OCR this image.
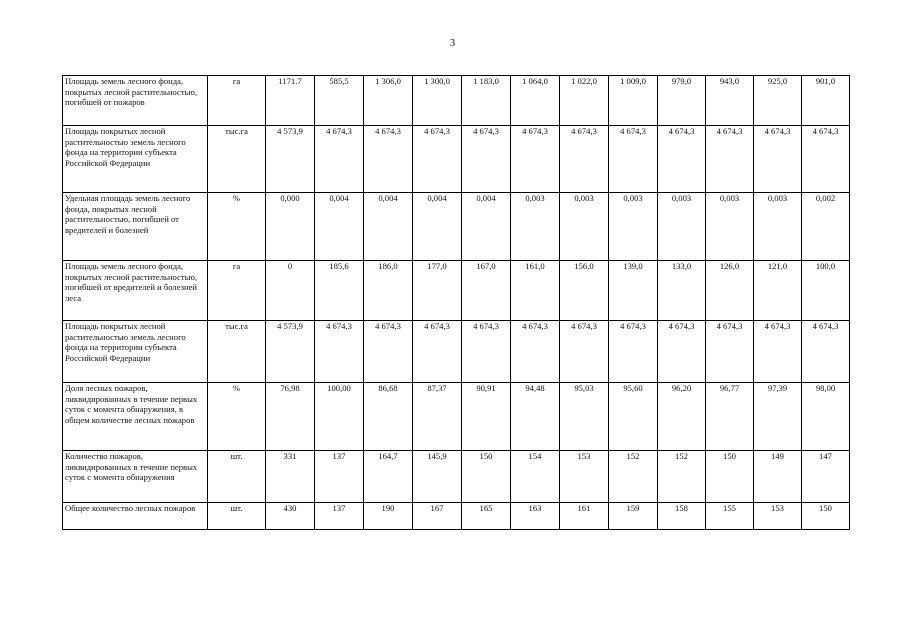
3
Площадь земель лесного фонда, покрытых лесной растительностью, погибшей от пожаров	га	1171.7	585,5	1 306,0	1 300,0	1 183,0	1 064,0	1 022,0	1 009,0	979,0	943,0	925,0	901,0
Площадь покрытых лесной растительностью земель лесного фонда на территории субъекта Российской Федерации	тыс.га	4 573,9	4 674,3	4 674,3	4 674,3	4 674,3	4 674,3	4 674,3	4 674,3	4 674,3	4 674,3	4 674,3	4 674,3
Удельная площадь земель лесного фонда, покрытых лесной растительностью, погибшей от вредителей и болезней	%	0,000	0,004	0,004	0,004	0,004	0,003	0,003	0,003	0,003	0,003	0,003	0,002
Площадь земель лесного фонда, покрытых лесной растительностью, погибшей от вредителей и болезней леса	га	0	185,6	186,0	177,0	167,0	161,0	156,0	139,0	133,0	126,0	121,0	100,0
Площадь покрытых лесной растительностью земель лесного фонда на территории субъекта Российской Федерации	тыс.га	4 573,9	4 674,3	4 674,3	4 674,3	4 674,3	4 674,3	4 674,3	4 674,3	4 674,3	4 674,3	4 674,3	4 674,3
Доля лесных пожаров, ликвидированных в течение первых суток с момента обнаружения, в общем количестве лесных пожаров	%	76,98	100,00	86,68	87,37	90,91	94,48	95,03	95,60	96,20	96,77	97,39	98,00
Количество пожаров, ликвидированных в течение первых суток с момента обнаружения	шт.	331	137	164,7	145,9	150	154	153	152	152	150	149	147
Общее количество лесных пожаров	шт.	430	137	190	167	165	163	161	159	158	155	153	150
